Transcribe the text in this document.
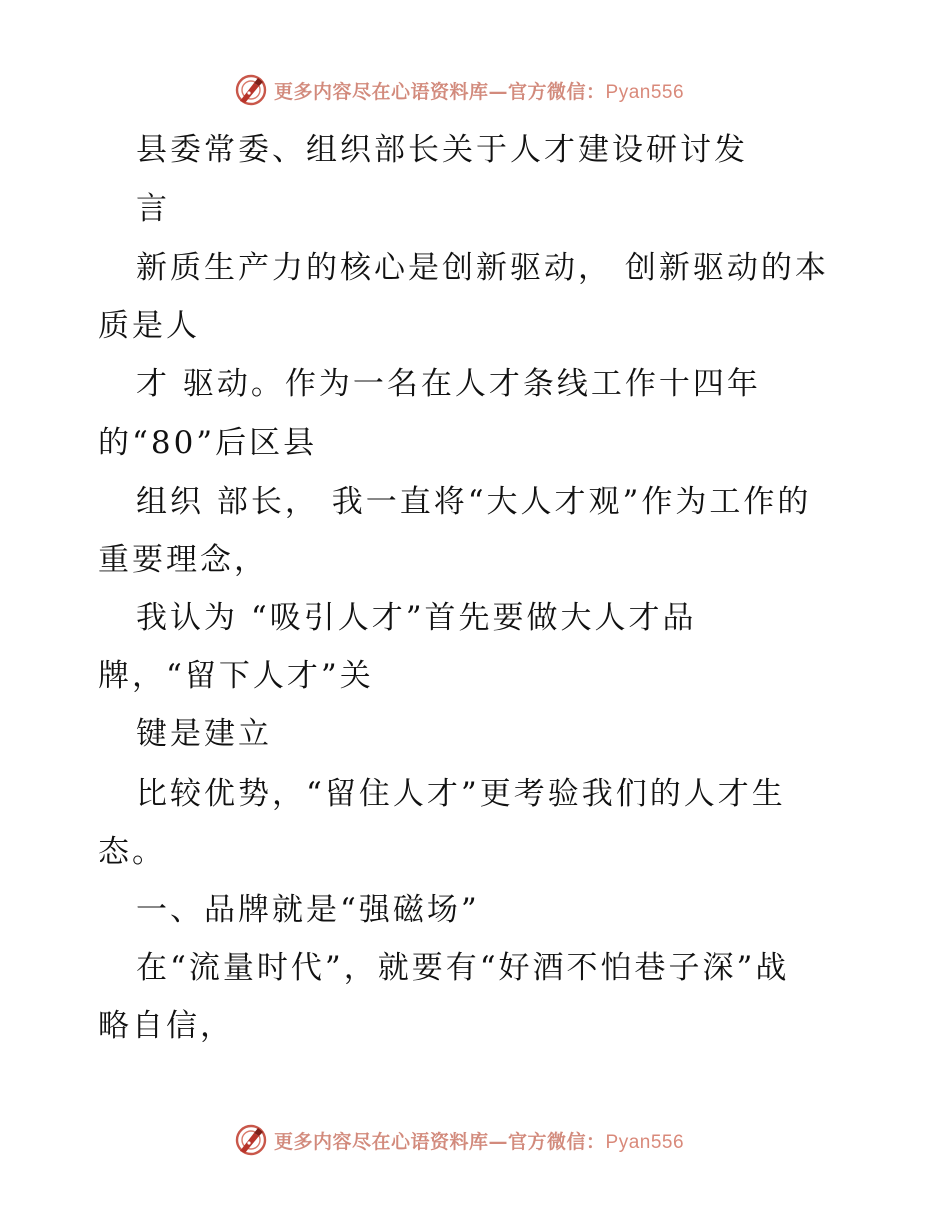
更多内容尽在心语资料库—官方微信：Pyan556
县委常委、组织部长关于人才建设研讨发
言
新质生产力的核心是创新驱动， 创新驱动的本
质是人
才 驱动。作为一名在人才条线工作十四年
的“80”后区县
组织 部长， 我一直将“大人才观”作为工作的
重要理念，
我认为 “吸引人才”首先要做大人才品
牌，“留下人才”关
键是建立
比较优势，“留住人才”更考验我们的人才生
态。
一、品牌就是“强磁场”
在“流量时代”，就要有“好酒不怕巷子深”战
略自信，
更多内容尽在心语资料库—官方微信：Pyan556
